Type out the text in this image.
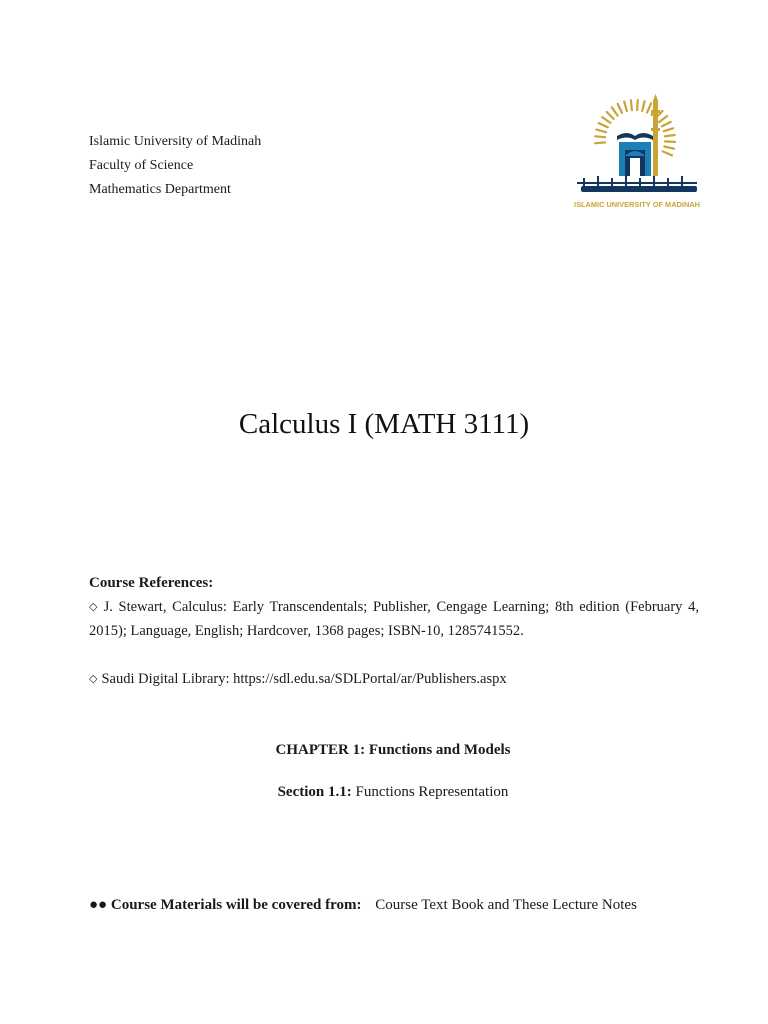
Islamic University of Madinah
Faculty of Science
Mathematics Department
ISLAMIC UNIVERSITY OF MADINAH
Calculus I (MATH 3111)
Course References:

◇ J. Stewart, Calculus: Early Transcendentals; Publisher, Cengage Learning; 8th edition (February 4, 2015); Language, English; Hardcover, 1368 pages; ISBN-10, 1285741552.

◇ Saudi Digital Library: https://sdl.edu.sa/SDLPortal/ar/Publishers.aspx

CHAPTER 1: Functions and Models
Section 1.1: Functions Representation
●● Course Materials will be covered from: Course Text Book and These Lecture Notes
